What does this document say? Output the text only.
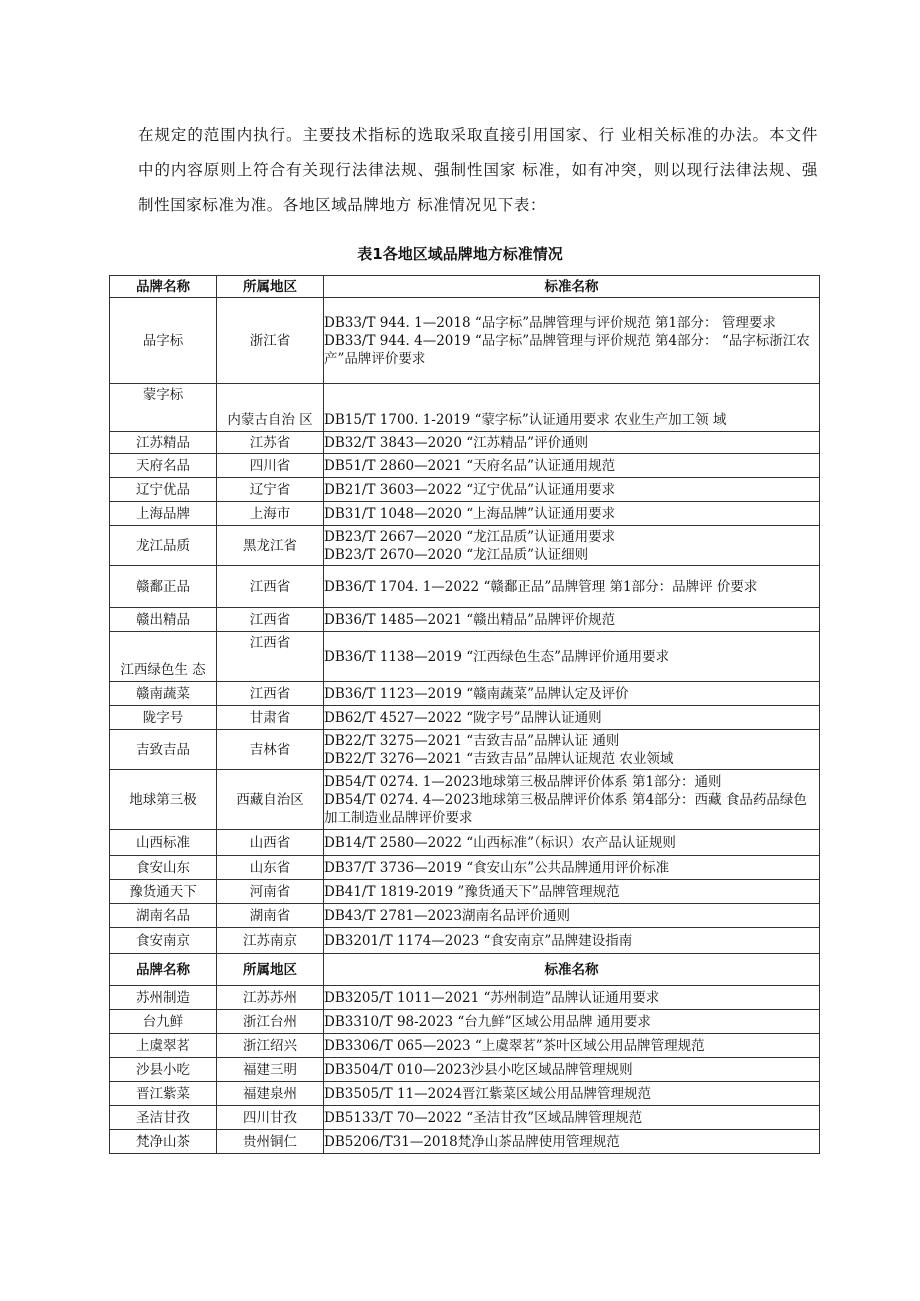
在规定的范围内执行。主要技术指标的选取采取直接引用国家、行 业相关标准的办法。本文件中的内容原则上符合有关现行法律法规、强制性国家 标准，如有冲突，则以现行法律法规、强制性国家标准为准。各地区域品牌地方 标准情况见下表：

表1各地区域品牌地方标准情况

品牌名称	所属地区	标准名称
品字标	浙江省	DB33/T 944. 1—2018 “品字标”品牌管理与评价规范 第1部分： 管理要求
DB33/T 944. 4—2019 “品字标”品牌管理与评价规范 第4部分： “品字标浙江农产”品牌评价要求

蒙字标	内蒙古自治 区	DB15/T 1700. 1-2019 “蒙字标”认证通用要求 农业生产加工领 域

江苏精品	江苏省	DB32/T 3843—2020 “江苏精品”评价通则

天府名品	四川省	DB51/T 2860—2021 “天府名品”认证通用规范

辽宁优品	辽宁省	DB21/T 3603—2022 “辽宁优品”认证通用要求

上海品牌	上海市	DB31/T 1048—2020 “上海品牌”认证通用要求

龙江品质	黑龙江省	DB23/T 2667—2020 “龙江品质”认证通用要求
DB23/T 2670—2020 “龙江品质”认证细则

赣鄱正品	江西省	DB36/T 1704. 1—2022 “赣鄱正品”品牌管理 第1部分：品牌评 价要求

赣出精品	江西省	DB36/T 1485—2021 “赣出精品”品牌评价规范

江西绿色生 态	江西省	DB36/T 1138—2019 “江西绿色生态”品牌评价通用要求

赣南蔬菜	江西省	DB36/T 1123—2019 “赣南蔬菜”品牌认定及评价

陇字号	甘肃省	DB62/T 4527—2022 “陇字号”品牌认证通则

吉致吉品	吉林省	DB22/T 3275—2021 “吉致吉品”品牌认证 通则
DB22/T 3276—2021 “吉致吉品”品牌认证规范 农业领域

地球第三极	西藏自治区	DB54/T 0274. 1—2023地球第三极品牌评价体系 第1部分：通则
DB54/T 0274. 4—2023地球第三极品牌评价体系 第4部分：西藏 食品药品绿色加工制造业品牌评价要求

山西标准	山西省	DB14/T 2580—2022 “山西标准”（标识）农产品认证规则

食安山东	山东省	DB37/T 3736—2019 “食安山东”公共品牌通用评价标准

豫货通天下	河南省	DB41/T 1819-2019 ”豫货通天下”品牌管理规范

湖南名品	湖南省	DB43/T 2781—2023湖南名品评价通则

食安南京	江苏南京	DB3201/T 1174—2023 “食安南京”品牌建设指南

品牌名称	所属地区	标准名称
苏州制造	江苏苏州	DB3205/T 1011—2021 “苏州制造”品牌认证通用要求

台九鲜	浙江台州	DB3310/T 98-2023 “台九鲜”区域公用品牌 通用要求

上虞翠茗	浙江绍兴	DB3306/T 065—2023 “上虞翠茗”茶叶区域公用品牌管理规范

沙县小吃	福建三明	DB3504/T 010—2023沙县小吃区域品牌管理规则

晋江紫菜	福建泉州	DB3505/T 11—2024晋江紫菜区域公用品牌管理规范

圣洁甘孜	四川甘孜	DB5133/T 70—2022 “圣洁甘孜”区域品牌管理规范

梵净山茶	贵州铜仁	DB5206/T31—2018梵净山茶品牌使用管理规范
